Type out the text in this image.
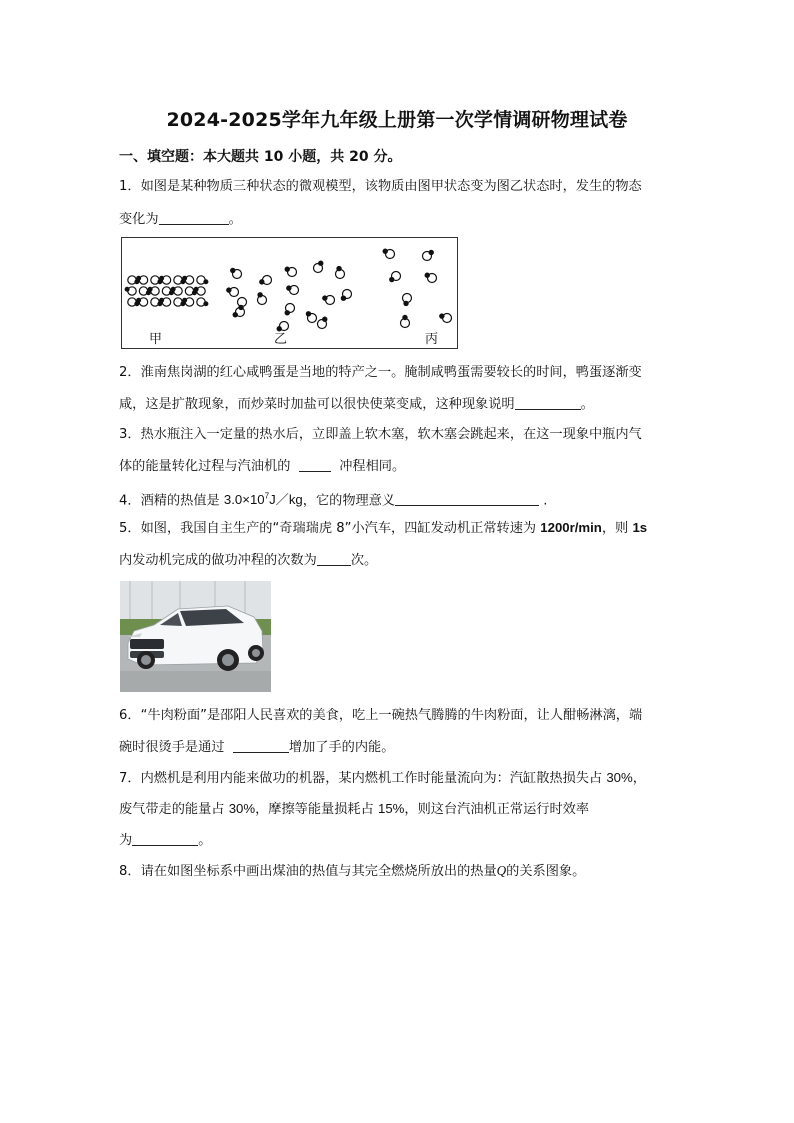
2024-2025学年九年级上册第一次学情调研物理试卷
一、填空题：本大题共 10 小题，共 20 分。
1．如图是某种物质三种状态的微观模型，该物质由图甲状态变为图乙状态时，发生的物态
变化为	。
甲	乙	丙
2．淮南焦岗湖的红心咸鸭蛋是当地的特产之一。腌制咸鸭蛋需要较长的时间，鸭蛋逐渐变
咸，这是扩散现象，而炒菜时加盐可以很快使菜变咸，这种现象说明	。
3．热水瓶注入一定量的热水后，立即盖上软木塞，软木塞会跳起来，在这一现象中瓶内气
体的能量转化过程与汽油机的	冲程相同。
4．酒精的热值是 $3.0\times 10^7J/kg$，它的物理意义	.
5．如图，我国自主生产的“奇瑞瑞虎 8”小汽车，四缸发动机正常转速为 1200r/min，则 1s
内发动机完成的做功冲程的次数为	次。
6．“牛肉粉面”是邵阳人民喜欢的美食，吃上一碗热气腾腾的牛肉粉面，让人酣畅淋漓，端
碗时很烫手是通过	增加了手的内能。
7．内燃机是利用内能来做功的机器，某内燃机工作时能量流向为：汽缸散热损失占 30%，
废气带走的能量占 30%，摩擦等能量损耗占 15%，则这台汽油机正常运行时效率
为	。
8．请在如图坐标系中画出煤油的热值与其完全燃烧所放出的热量Q的关系图象。
